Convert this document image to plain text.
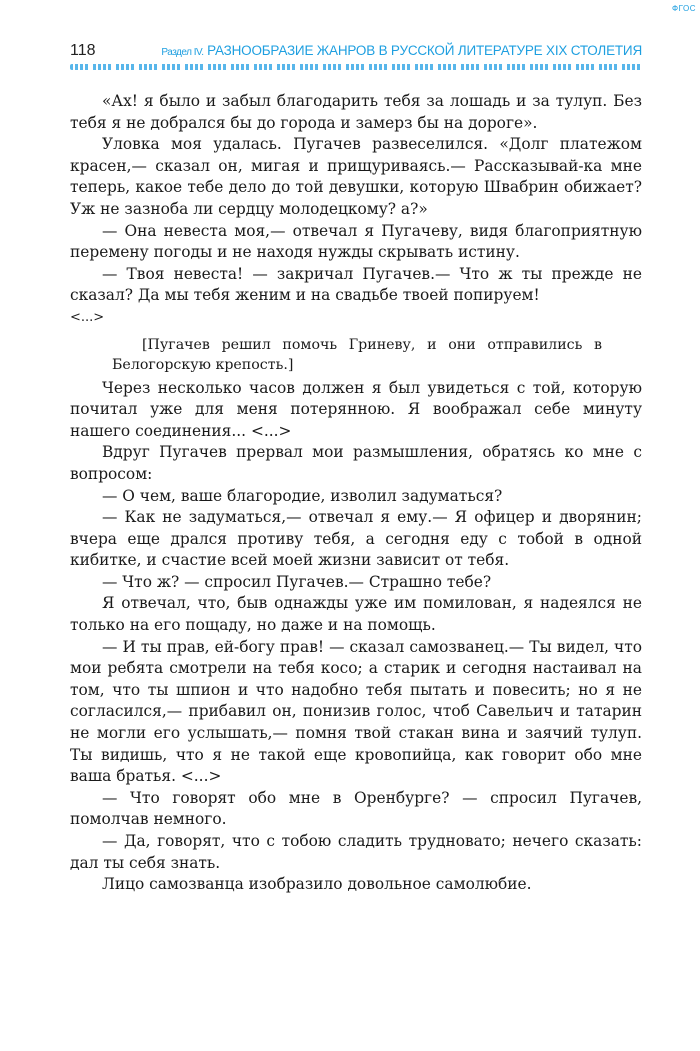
ФГОС
118	Раздел IV. РАЗНООБРАЗИЕ ЖАНРОВ В РУССКОЙ ЛИТЕРАТУРЕ XIX СТОЛЕТИЯ

«Ах! я было и забыл благодарить тебя за лошадь и за тулуп. Без тебя я не добрался бы до города и замерз бы на дороге».

Уловка моя удалась. Пугачев развеселился. «Долг платежом красен,— сказал он, мигая и прищуриваясь.— Рассказывай-ка мне теперь, какое тебе дело до той девушки, которую Швабрин обижает? Уж не зазноба ли сердцу молодецкому? а?»

— Она невеста моя,— отвечал я Пугачеву, видя благоприятную перемену погоды и не находя нужды скрывать истину.

— Твоя невеста! — закричал Пугачев.— Что ж ты прежде не сказал? Да мы тебя женим и на свадьбе твоей попируем!

<...>

[Пугачев решил помочь Гриневу, и они отправились в Белогорскую крепость.]

Через несколько часов должен я был увидеться с той, которую почитал уже для меня потерянною. Я воображал себе минуту нашего соединения... <...>

Вдруг Пугачев прервал мои размышления, обратясь ко мне с вопросом:

— О чем, ваше благородие, изволил задуматься?

— Как не задуматься,— отвечал я ему.— Я офицер и дворянин; вчера еще дрался противу тебя, а сегодня еду с тобой в одной кибитке, и счастие всей моей жизни зависит от тебя.

— Что ж? — спросил Пугачев.— Страшно тебе?

Я отвечал, что, быв однажды уже им помилован, я надеялся не только на его пощаду, но даже и на помощь.

— И ты прав, ей-богу прав! — сказал самозванец.— Ты видел, что мои ребята смотрели на тебя косо; а старик и сегодня настаивал на том, что ты шпион и что надобно тебя пытать и повесить; но я не согласился,— прибавил он, понизив голос, чтоб Савельич и татарин не могли его услышать,— помня твой стакан вина и заячий тулуп. Ты видишь, что я не такой еще кровопийца, как говорит обо мне ваша братья. <...>

— Что говорят обо мне в Оренбурге? — спросил Пугачев, помолчав немного.

— Да, говорят, что с тобою сладить трудновато; нечего сказать: дал ты себя знать.

Лицо самозванца изобразило довольное самолюбие.
